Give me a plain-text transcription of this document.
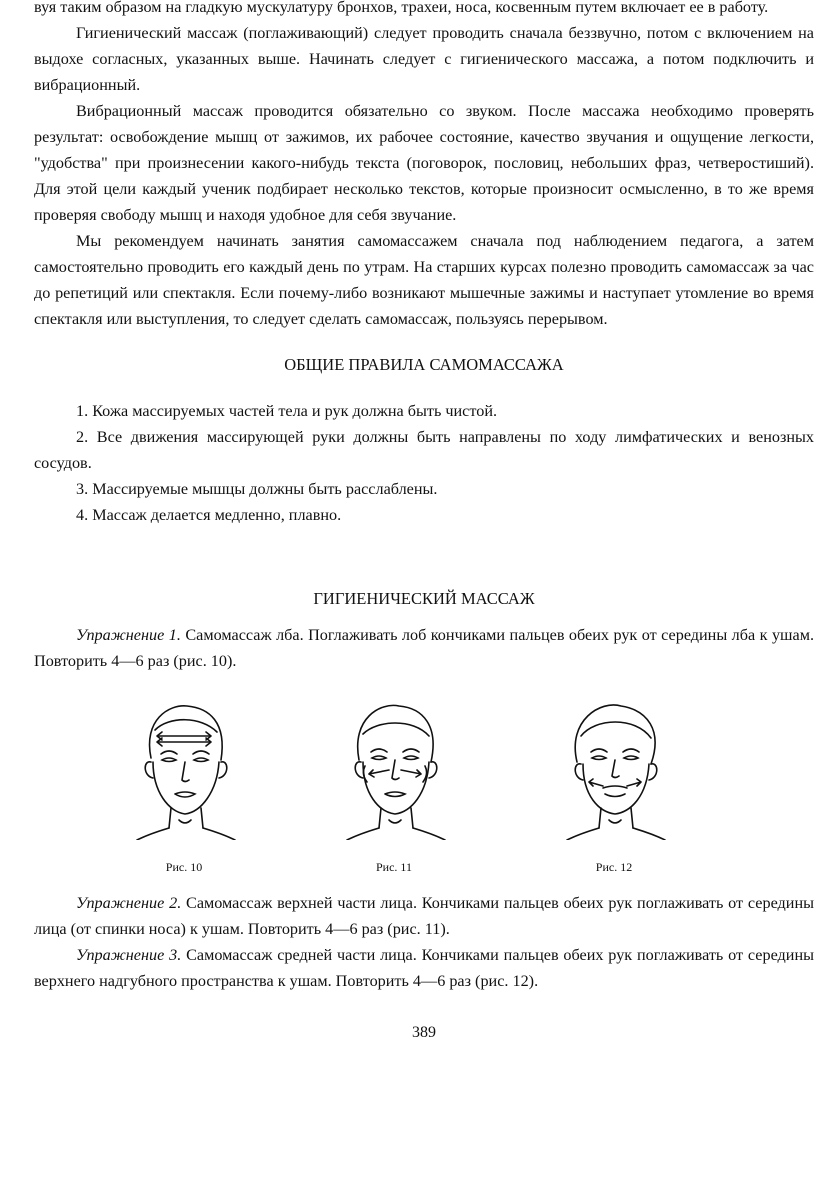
вуя таким образом на гладкую мускулатуру бронхов, трахеи, носа, косвенным путем включает ее в работу.

Гигиенический массаж (поглаживающий) следует проводить сначала беззвучно, потом с включением на выдохе согласных, указанных выше. Начинать следует с гигиенического массажа, а потом подключить и вибрационный.

Вибрационный массаж проводится обязательно со звуком. После массажа необходимо проверять результат: освобождение мышц от зажимов, их рабочее состояние, качество звучания и ощущение легкости, "удобства" при произнесении какого-нибудь текста (поговорок, пословиц, небольших фраз, четверостиший). Для этой цели каждый ученик подбирает несколько текстов, которые произносит осмысленно, в то же время проверяя свободу мышц и находя удобное для себя звучание.

Мы рекомендуем начинать занятия самомассажем сначала под наблюдением педагога, а затем самостоятельно проводить его каждый день по утрам. На старших курсах полезно проводить самомассаж за час до репетиций или спектакля. Если почему-либо возникают мышечные зажимы и наступает утомление во время спектакля или выступления, то следует сделать самомассаж, пользуясь перерывом.

ОБЩИЕ ПРАВИЛА САМОМАССАЖА

1. Кожа массируемых частей тела и рук должна быть чистой.

2. Все движения массирующей руки должны быть направлены по ходу лимфатических и венозных сосудов.

3. Массируемые мышцы должны быть расслаблены.

4. Массаж делается медленно, плавно.

ГИГИЕНИЧЕСКИЙ МАССАЖ

Упражнение 1. Самомассаж лба. Поглаживать лоб кончиками пальцев обеих рук от середины лба к ушам. Повторить 4—6 раз (рис. 10).

Рис. 10	Рис. 11	Рис. 12

Упражнение 2. Самомассаж верхней части лица. Кончиками пальцев обеих рук поглаживать от середины лица (от спинки носа) к ушам. Повторить 4—6 раз (рис. 11).

Упражнение 3. Самомассаж средней части лица. Кончиками пальцев обеих рук поглаживать от середины верхнего надгубного пространства к ушам. Повторить 4—6 раз (рис. 12).

389
